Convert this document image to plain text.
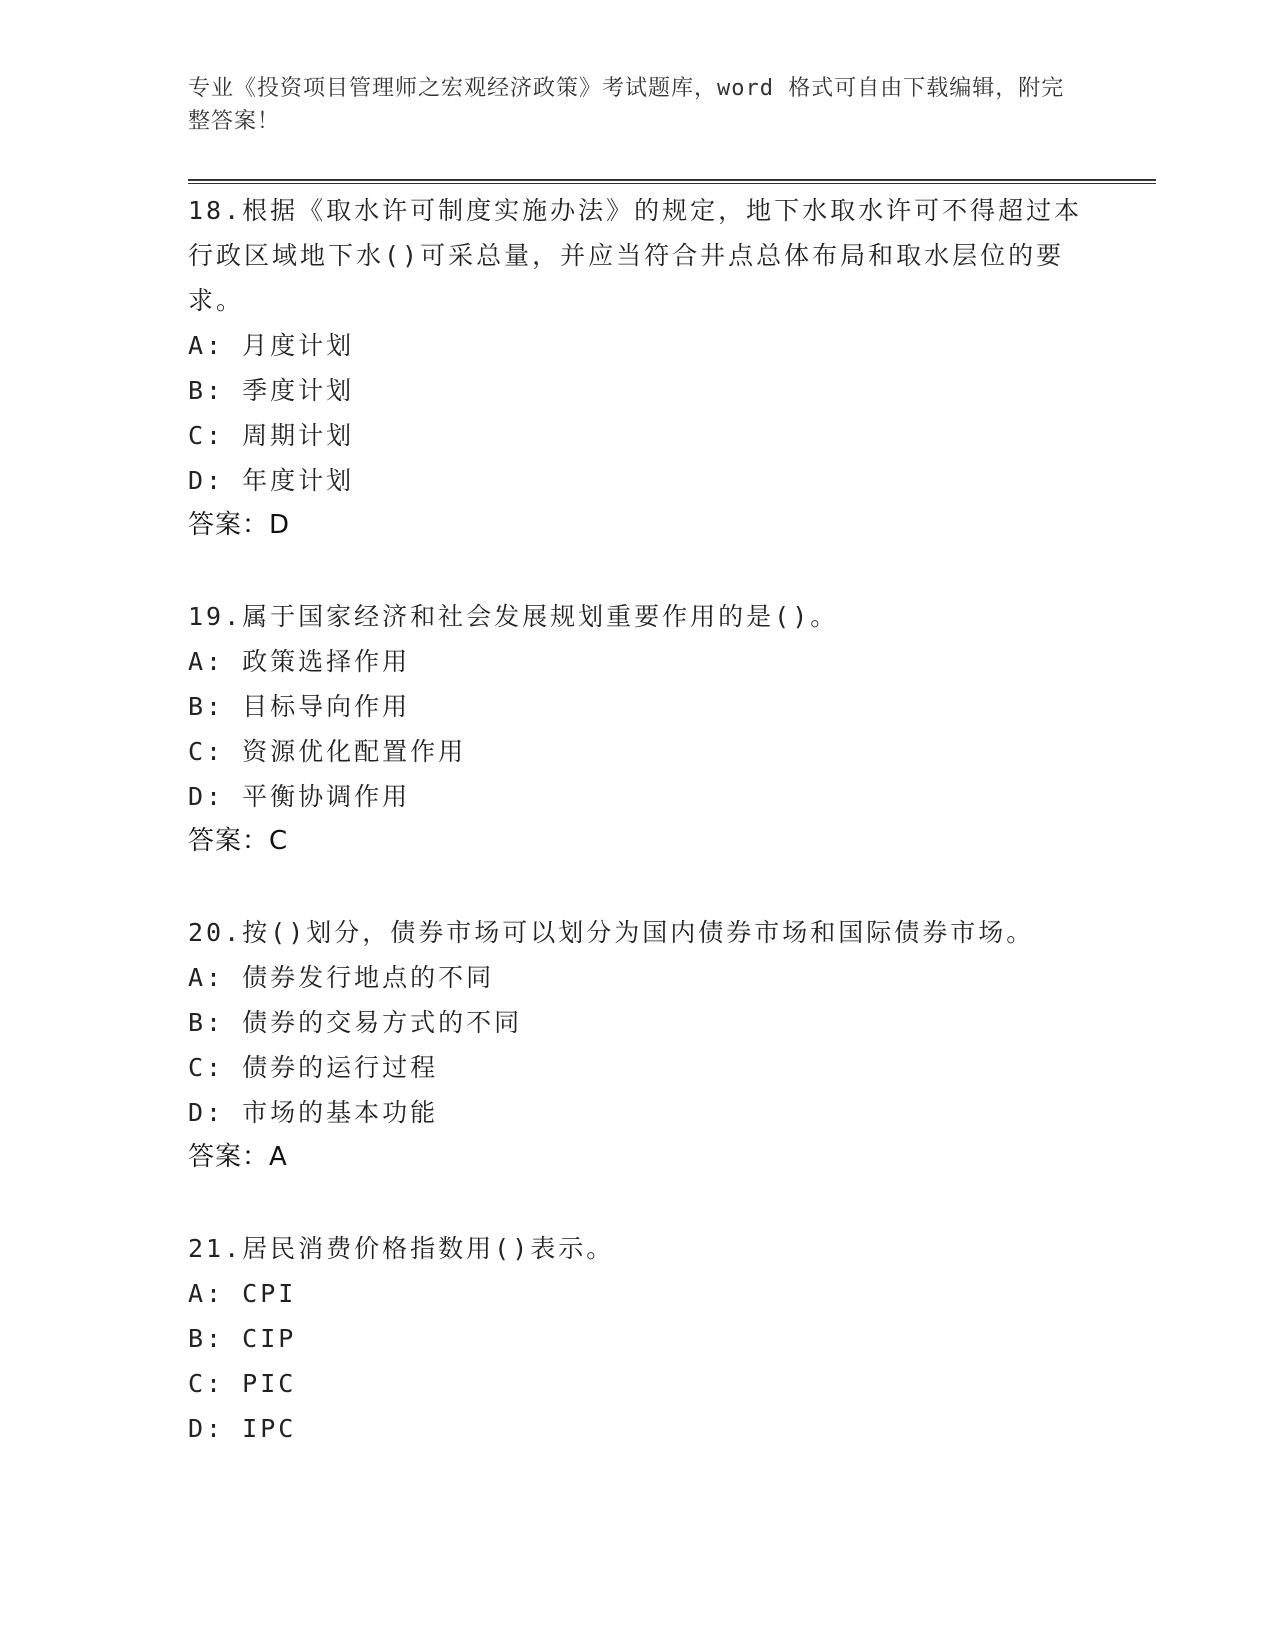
专业《投资项目管理师之宏观经济政策》考试题库，word 格式可自由下载编辑，附完整答案！

18.根据《取水许可制度实施办法》的规定，地下水取水许可不得超过本行政区域地下水()可采总量，并应当符合井点总体布局和取水层位的要求。

A: 月度计划
B: 季度计划
C: 周期计划
D: 年度计划
答案：D

19.属于国家经济和社会发展规划重要作用的是()。

A: 政策选择作用
B: 目标导向作用
C: 资源优化配置作用
D: 平衡协调作用
答案：C

20.按()划分，债券市场可以划分为国内债券市场和国际债券市场。

A: 债券发行地点的不同
B: 债券的交易方式的不同
C: 债券的运行过程
D: 市场的基本功能
答案：A

21.居民消费价格指数用()表示。

A: CPI
B: CIP
C: PIC
D: IPC
